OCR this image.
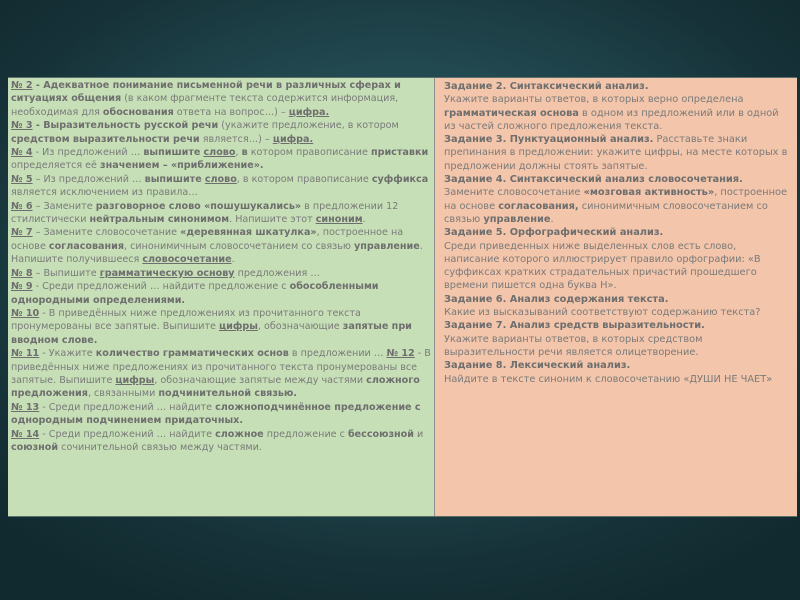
№ 2 - Адекватное понимание письменной речи в различных сферах и ситуациях общения (в каком фрагменте текста содержится информация, необходимая для обоснования ответа на вопрос…) – цифра.

№ 3 - Выразительность русской речи (укажите предложение, в котором средством выразительности речи является…) – цифра.

№ 4 - Из предложений … выпишите слово, в котором правописание приставки определяется её значением – «приближение».

№ 5 – Из предложений … выпишите слово, в котором правописание суффикса является исключением из правила…

№ 6 – Замените разговорное слово «пошушукались» в предложении 12 стилистически нейтральным синонимом. Напишите этот синоним.

№ 7 – Замените словосочетание «деревянная шкатулка», построенное на основе согласования, синонимичным словосочетанием со связью управление. Напишите получившееся словосочетание.

№ 8 – Выпишите грамматическую основу предложения …

№ 9 - Среди предложений … найдите предложение с обособленными однородными определениями.

№ 10 - В приведённых ниже предложениях из прочитанного текста пронумерованы все запятые. Выпишите цифры, обозначающие запятые при вводном слове.

№ 11 - Укажите количество грамматических основ в предложении … № 12 - В приведённых ниже предложениях из прочитанного текста пронумерованы все запятые. Выпишите цифры, обозначающие запятые между частями сложного предложения, связанными подчинительной связью.

№ 13 - Среди предложений … найдите сложноподчинённое предложение с однородным подчинением придаточных.

№ 14 - Среди предложений … найдите сложное предложение с бессоюзной и союзной сочинительной связью между частями.

Задание 2. Синтаксический анализ.
Укажите варианты ответов, в которых верно определена грамматическая основа в одном из предложений или в одной из частей сложного предложения текста.

Задание 3. Пунктуационный анализ. Расставьте знаки препинания в предложении: укажите цифры, на месте которых в предложении должны стоять запятые.

Задание 4. Синтаксический анализ словосочетания.
Замените словосочетание «мозговая активность», построенное на основе согласования, синонимичным словосочетанием со связью управление.

Задание 5. Орфографический анализ.
Среди приведенных ниже выделенных слов есть слово, написание которого иллюстрирует правило орфографии: «В суффиксах кратких страдательных причастий прошедшего времени пишется одна буква Н».

Задание 6. Анализ содержания текста.
Какие из высказываний соответствуют содержанию текста?

Задание 7. Анализ средств выразительности.
Укажите варианты ответов, в которых средством выразительности речи является олицетворение.

Задание 8. Лексический анализ.
Найдите в тексте синоним к словосочетанию «ДУШИ НЕ ЧАЕТ»
